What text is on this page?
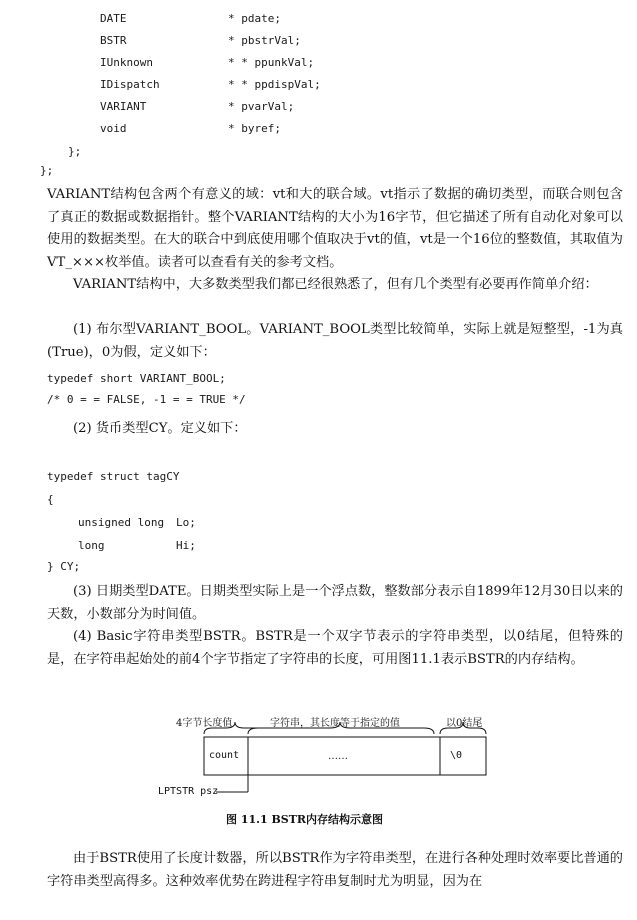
DATE	* pdate;
BSTR	* pbstrVal;
IUnknown	* * ppunkVal;
IDispatch	* * ppdispVal;
VARIANT	* pvarVal;
void	* byref;
};
};
VARIANT结构包含两个有意义的域：vt和大的联合域。vt指示了数据的确切类型，而联合则包含了真正的数据或数据指针。整个VARIANT结构的大小为16字节，但它描述了所有自动化对象可以使用的数据类型。在大的联合中到底使用哪个值取决于vt的值，vt是一个16位的整数值，其取值为VT_×××枚举值。读者可以查看有关的参考文档。
VARIANT结构中，大多数类型我们都已经很熟悉了，但有几个类型有必要再作简单介绍：
(1) 布尔型VARIANT_BOOL。VARIANT_BOOL类型比较简单，实际上就是短整型，-1为真(True)，0为假，定义如下：
typedef short VARIANT_BOOL;
/* 0 = = FALSE, -1 = = TRUE */
(2) 货币类型CY。定义如下：
typedef struct tagCY
{
unsigned long Lo;
long	Hi;
} CY;
(3) 日期类型DATE。日期类型实际上是一个浮点数，整数部分表示自1899年12月30日以来的天数，小数部分为时间值。
(4) Basic字符串类型BSTR。BSTR是一个双字节表示的字符串类型，以0结尾，但特殊的是，在字符串起始处的前4个字节指定了字符串的长度，可用图11.1表示BSTR的内存结构。
4字节长度值	字符串，其长度等于指定的值	以0结尾
count	……	\0
LPTSTR psz
图 11.1 BSTR内存结构示意图
由于BSTR使用了长度计数器，所以BSTR作为字符串类型，在进行各种处理时效率要比普通的字符串类型高得多。这种效率优势在跨进程字符串复制时尤为明显，因为在
